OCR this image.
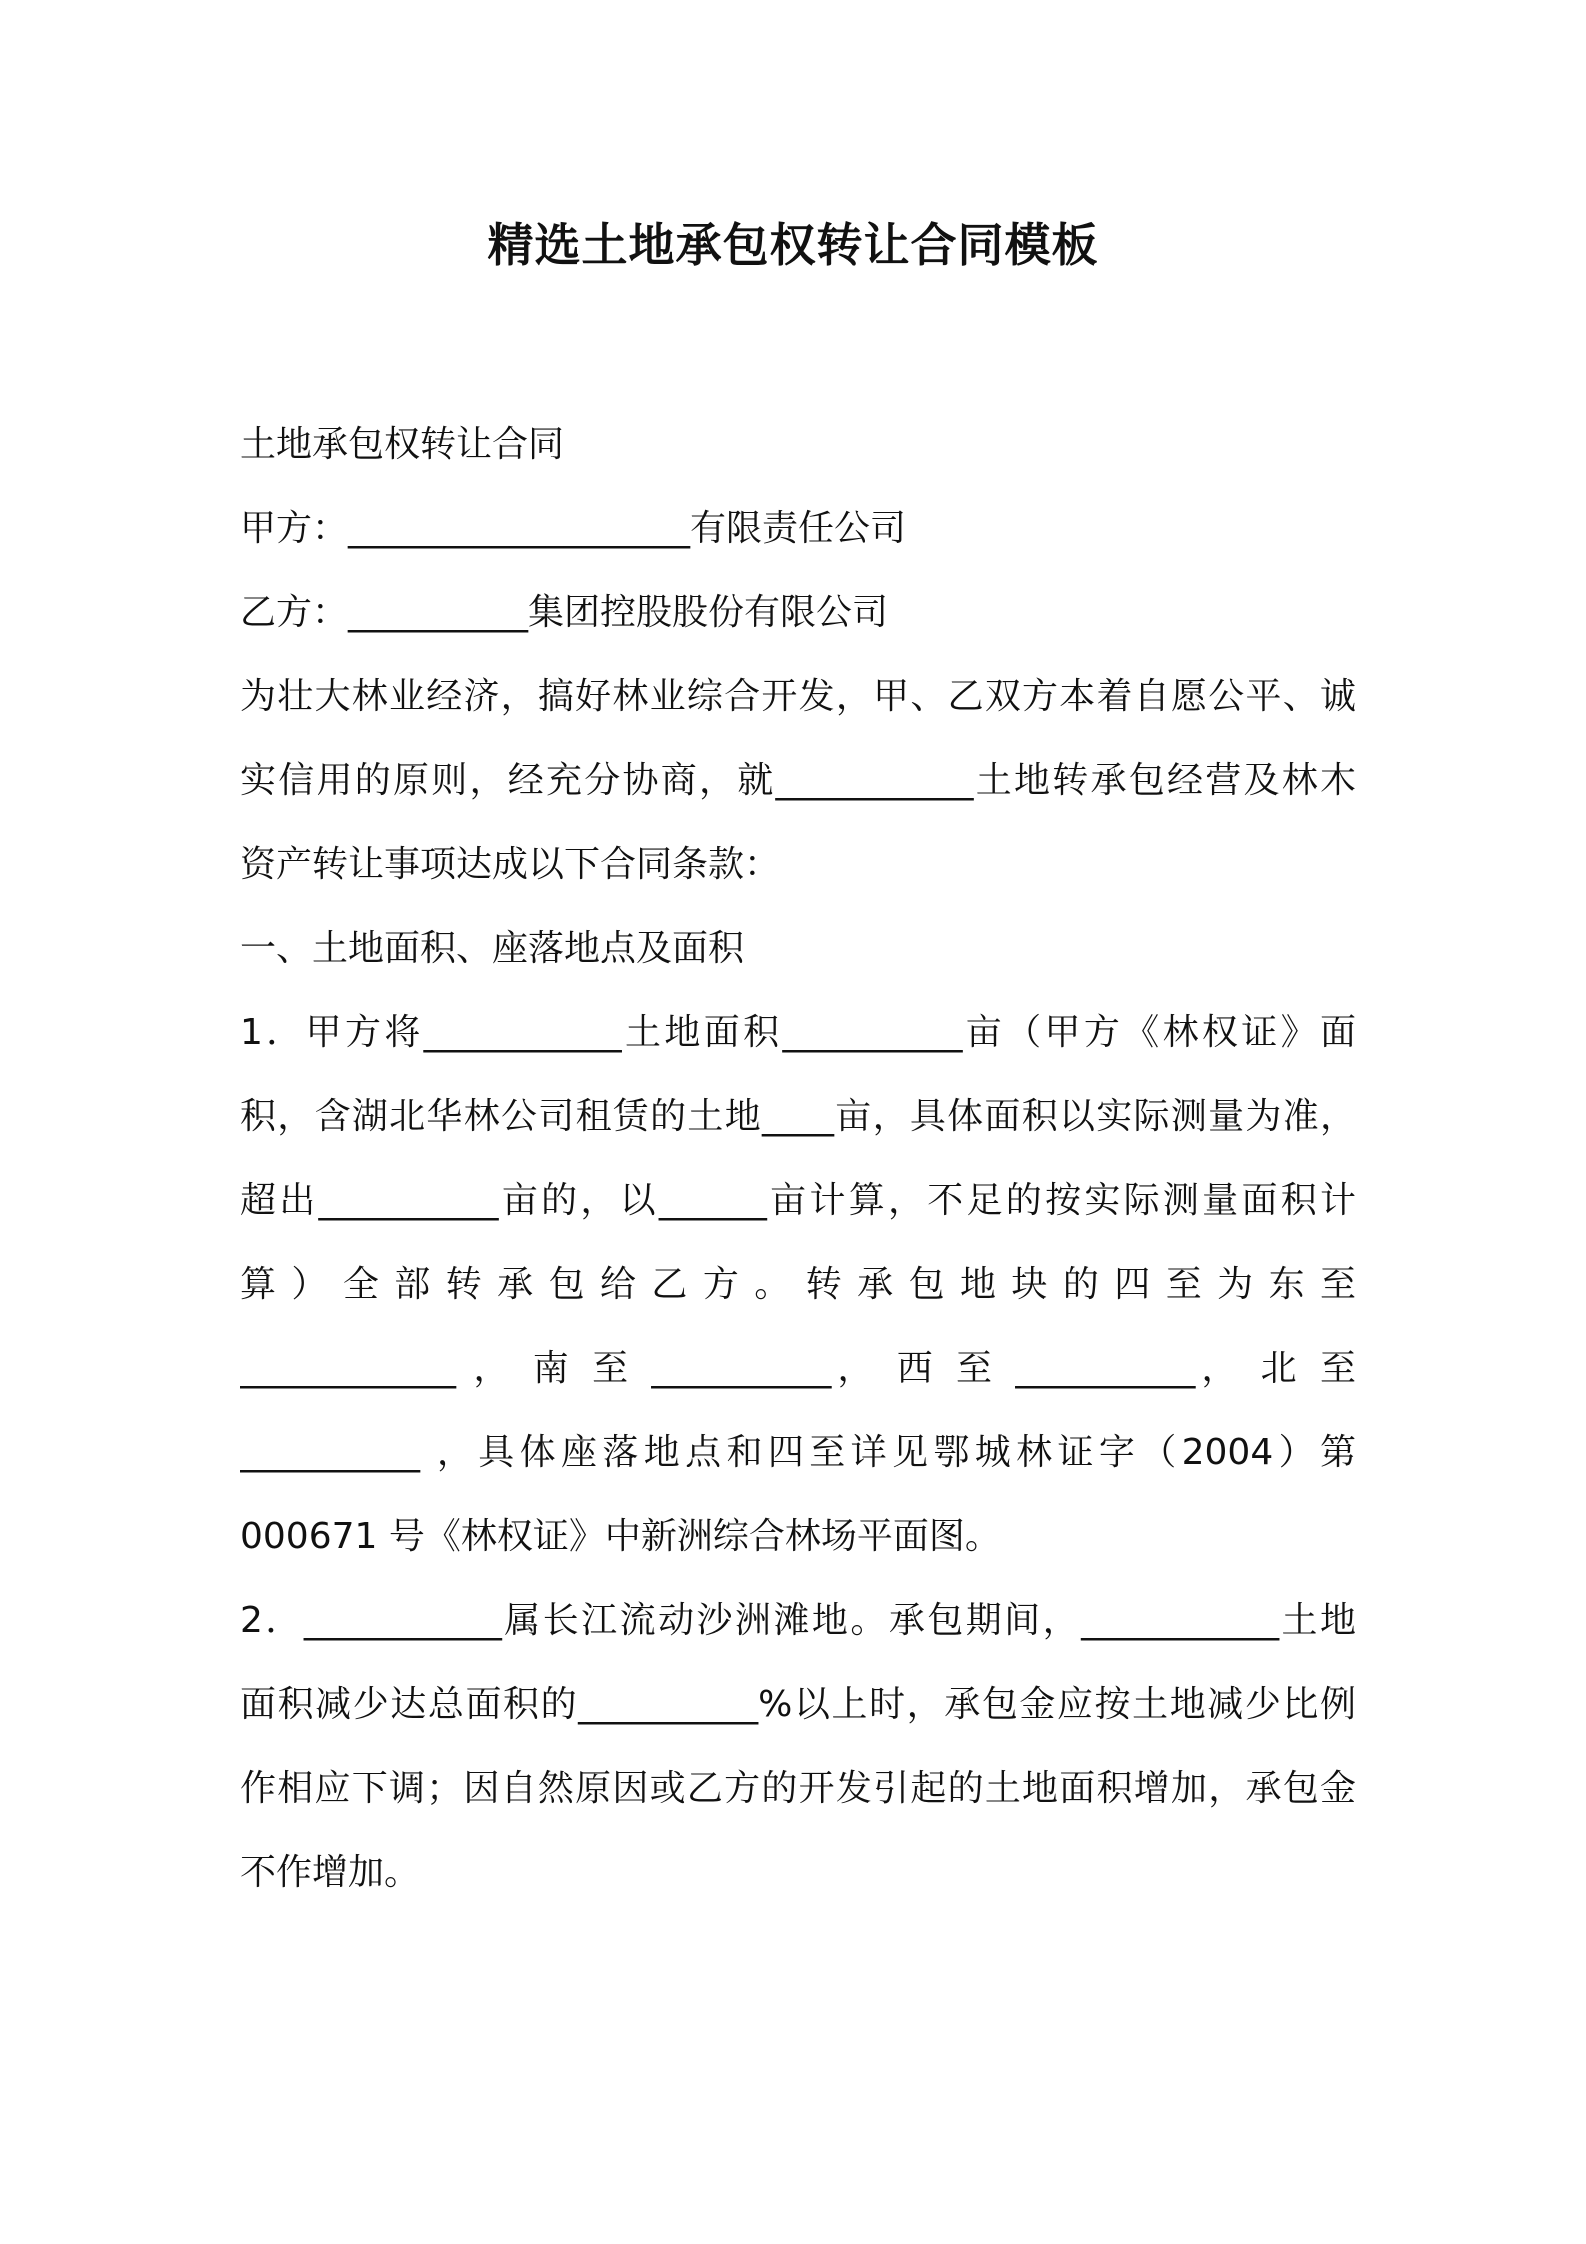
精选土地承包权转让合同模板
土地承包权转让合同
甲方：___________________有限责任公司
乙方：__________集团控股股份有限公司
为壮大林业经济，搞好林业综合开发，甲、乙双方本着自愿公平、诚
实信用的原则，经充分协商，就___________土地转承包经营及林木
资产转让事项达成以下合同条款：
一、土地面积、座落地点及面积
1．甲方将___________土地面积__________亩（甲方《林权证》面
积，含湖北华林公司租赁的土地____亩，具体面积以实际测量为准，
超出__________亩的，以______亩计算，不足的按实际测量面积计
算 ） 全 部 转 承 包 给 乙 方 。 转 承 包 地 块 的 四 至 为 东 至
____________ ， 南 至 __________， 西 至 __________， 北 至
__________ ，具体座落地点和四至详见鄂城林证字（2004）第
000671 号《林权证》中新洲综合林场平面图。
2．___________属长江流动沙洲滩地。承包期间，___________土地
面积减少达总面积的__________%以上时，承包金应按土地减少比例
作相应下调；因自然原因或乙方的开发引起的土地面积增加，承包金
不作增加。
